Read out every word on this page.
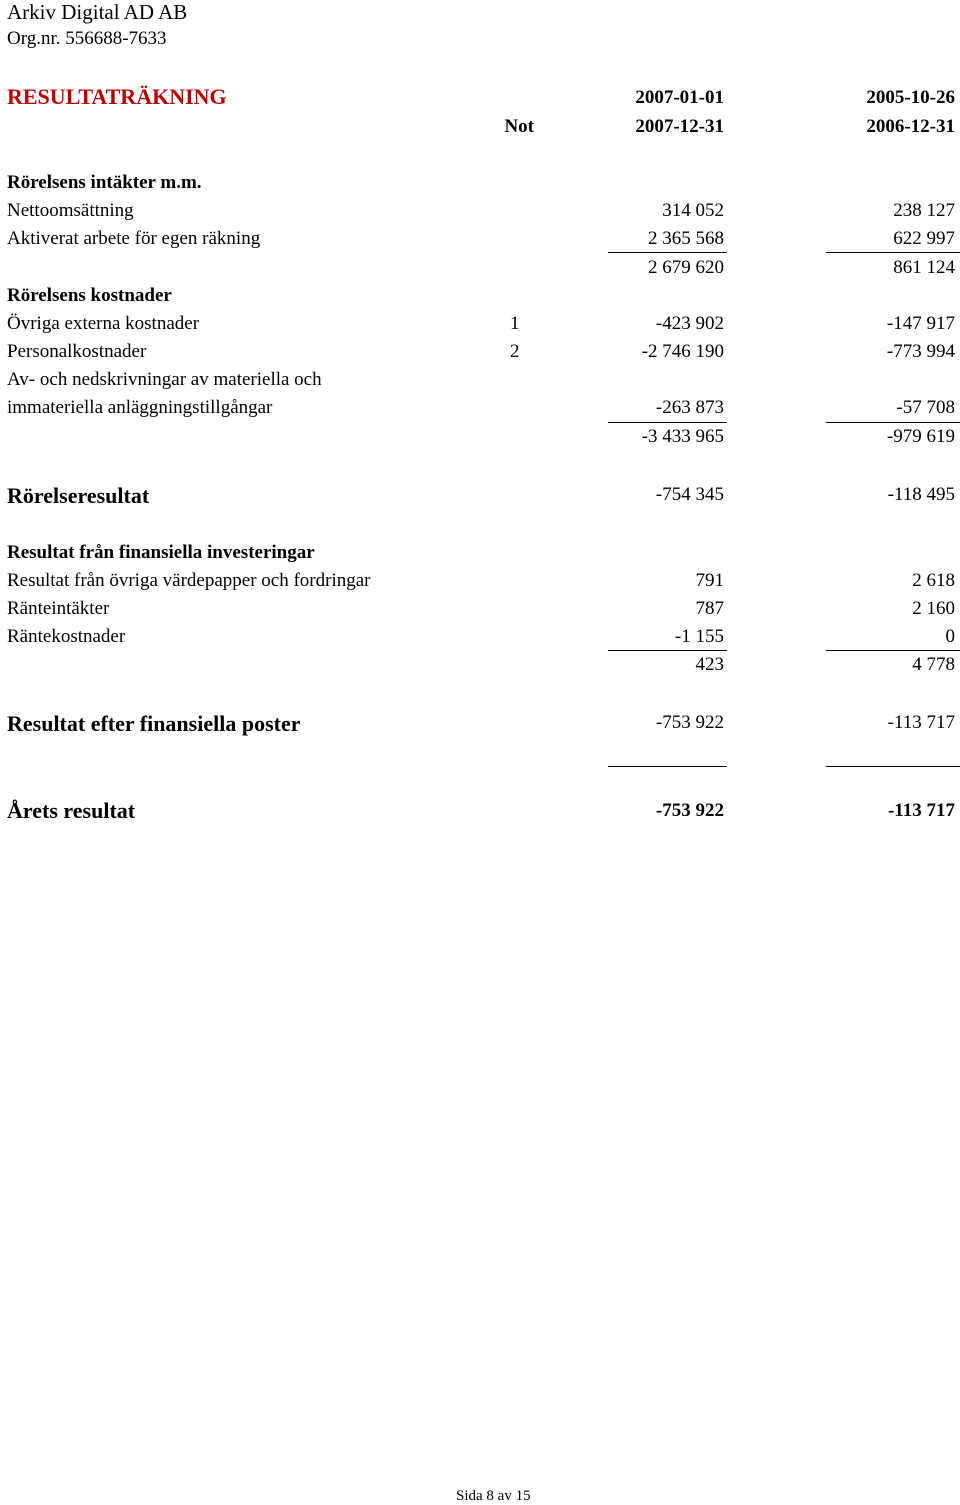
Arkiv Digital AD AB
Org.nr. 556688-7633
RESULTATRÄKNING	2007-01-01	2005-10-26
Not	2007-12-31	2006-12-31
Rörelsens intäkter m.m.
Nettoomsättning	314 052	238 127
Aktiverat arbete för egen räkning	2 365 568	622 997
2 679 620	861 124
Rörelsens kostnader
Övriga externa kostnader	1	-423 902	-147 917
Personalkostnader	2	-2 746 190	-773 994
Av- och nedskrivningar av materiella och
immateriella anläggningstillgångar	-263 873	-57 708
-3 433 965	-979 619
Rörelseresultat	-754 345	-118 495
Resultat från finansiella investeringar
Resultat från övriga värdepapper och fordringar	791	2 618
Ränteintäkter	787	2 160
Räntekostnader	-1 155	0
423	4 778
Resultat efter finansiella poster	-753 922	-113 717
Årets resultat	-753 922	-113 717
Sida 8 av 15
